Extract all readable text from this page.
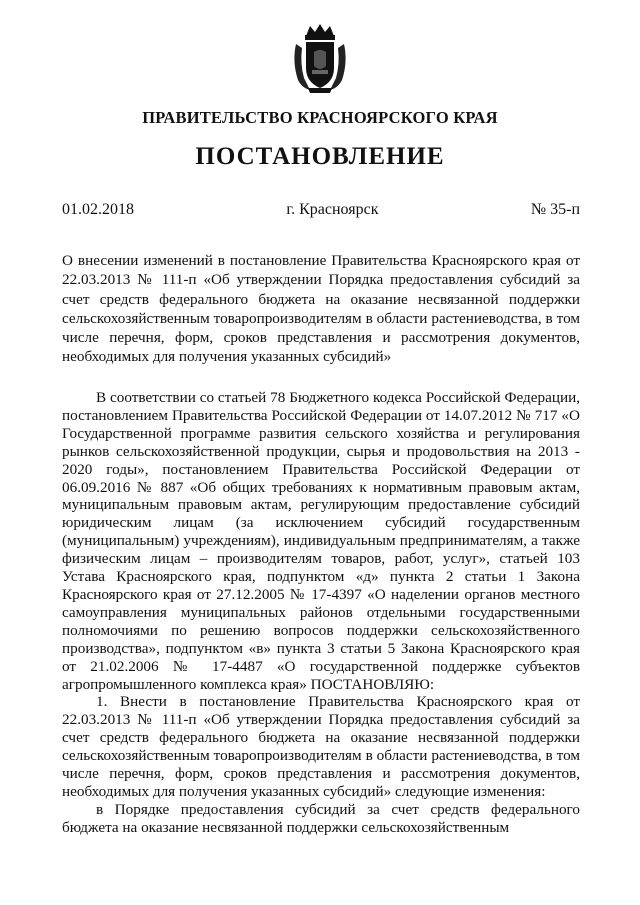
ПРАВИТЕЛЬСТВО КРАСНОЯРСКОГО КРАЯ
ПОСТАНОВЛЕНИЕ
01.02.2018	г. Красноярск	№ 35-п
О внесении изменений в постановление Правительства Красноярского края от 22.03.2013 № 111-п «Об утверждении Порядка предоставления субсидий за счет средств федерального бюджета на оказание несвязанной поддержки сельскохозяйственным товаропроизводителям в области растениеводства, в том числе перечня, форм, сроков представления и рассмотрения документов, необходимых для получения указанных субсидий»

В соответствии со статьей 78 Бюджетного кодекса Российской Федерации, постановлением Правительства Российской Федерации от 14.07.2012 № 717 «О Государственной программе развития сельского хозяйства и регулирования рынков сельскохозяйственной продукции, сырья и продовольствия на 2013 - 2020 годы», постановлением Правительства Российской Федерации от 06.09.2016 № 887 «Об общих требованиях к нормативным правовым актам, муниципальным правовым актам, регулирующим предоставление субсидий юридическим лицам (за исключением субсидий государственным (муниципальным) учреждениям), индивидуальным предпринимателям, а также физическим лицам – производителям товаров, работ, услуг», статьей 103 Устава Красноярского края, подпунктом «д» пункта 2 статьи 1 Закона Красноярского края от 27.12.2005 № 17-4397 «О наделении органов местного самоуправления муниципальных районов отдельными государственными полномочиями по решению вопросов поддержки сельскохозяйственного производства», подпунктом «в» пункта 3 статьи 5 Закона Красноярского края от 21.02.2006 № 17-4487 «О государственной поддержке субъектов агропромышленного комплекса края» ПОСТАНОВЛЯЮ:

1. Внести в постановление Правительства Красноярского края от 22.03.2013 № 111-п «Об утверждении Порядка предоставления субсидий за счет средств федерального бюджета на оказание несвязанной поддержки сельскохозяйственным товаропроизводителям в области растениеводства, в том числе перечня, форм, сроков представления и рассмотрения документов, необходимых для получения указанных субсидий» следующие изменения:

в Порядке предоставления субсидий за счет средств федерального бюджета на оказание несвязанной поддержки сельскохозяйственным
